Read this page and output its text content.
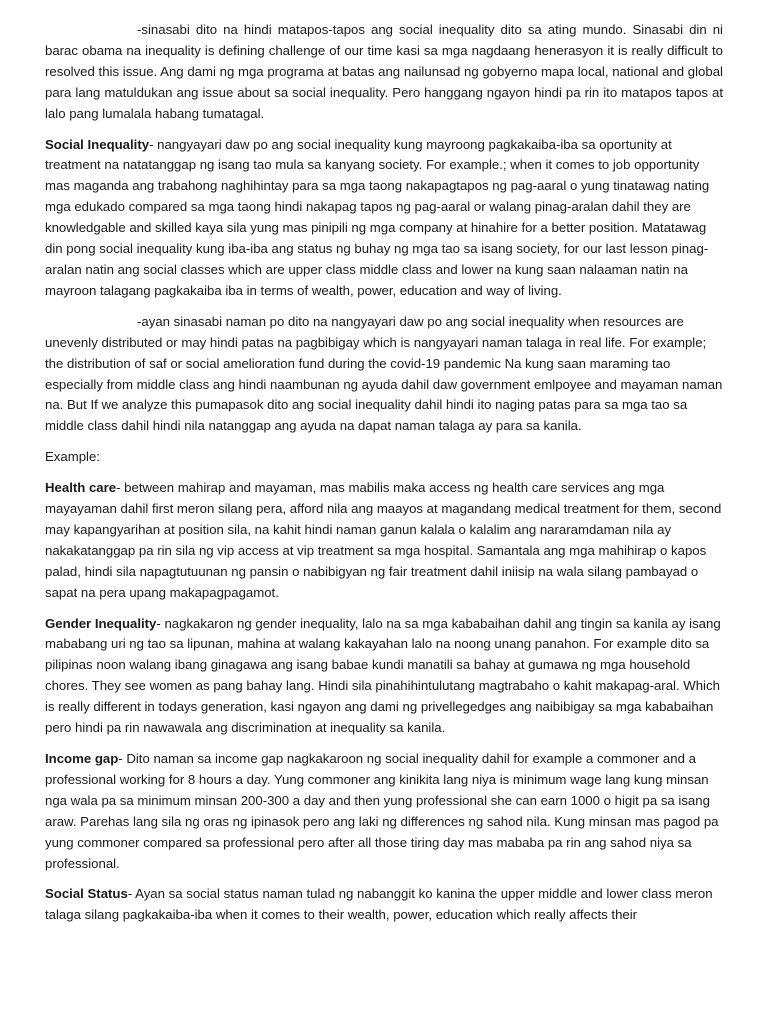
-sinasabi dito na hindi matapos-tapos ang social inequality dito sa ating mundo. Sinasabi din ni barac obama na inequality is defining challenge of our time kasi sa mga nagdaang henerasyon it is really difficult to resolved this issue. Ang dami ng mga programa at batas ang nailunsad ng gobyerno mapa local, national and global para lang matuldukan ang issue about sa social inequality. Pero hanggang ngayon hindi pa rin ito matapos tapos at lalo pang lumalala habang tumatagal.

Social Inequality- nangyayari daw po ang social inequality kung mayroong pagkakaiba-iba sa oportunity at treatment na natatanggap ng isang tao mula sa kanyang society. For example.; when it comes to job opportunity mas maganda ang trabahong naghihintay para sa mga taong nakapagtapos ng pag-aaral o yung tinatawag nating mga edukado compared sa mga taong hindi nakapag tapos ng pag-aaral or walang pinag-aralan dahil they are knowledgable and skilled kaya sila yung mas pinipili ng mga company at hinahire for a better position. Matatawag din pong social inequality kung iba-iba ang status ng buhay ng mga tao sa isang society, for our last lesson pinag-aralan natin ang social classes which are upper class middle class and lower na kung saan nalaaman natin na mayroon talagang pagkakaiba iba in terms of wealth, power, education and way of living.

-ayan sinasabi naman po dito na nangyayari daw po ang social inequality when resources are unevenly distributed or may hindi patas na pagbibigay which is nangyayari naman talaga in real life. For example; the distribution of saf or social amelioration fund during the covid-19 pandemic Na kung saan maraming tao especially from middle class ang hindi naambunan ng ayuda dahil daw government emlpoyee and mayaman naman na. But If we analyze this pumapasok dito ang social inequality dahil hindi ito naging patas para sa mga tao sa middle class dahil hindi nila natanggap ang ayuda na dapat naman talaga ay para sa kanila.

Example:

Health care- between mahirap and mayaman, mas mabilis maka access ng health care services ang mga mayayaman dahil first meron silang pera, afford nila ang maayos at magandang medical treatment for them, second may kapangyarihan at position sila, na kahit hindi naman ganun kalala o kalalim ang nararamdaman nila ay nakakatanggap pa rin sila ng vip access at vip treatment sa mga hospital. Samantala ang mga mahihirap o kapos palad, hindi sila napagtutuunan ng pansin o nabibigyan ng fair treatment dahil iniisip na wala silang pambayad o sapat na pera upang makapagpagamot.

Gender Inequality- nagkakaron ng gender inequality, lalo na sa mga kababaihan dahil ang tingin sa kanila ay isang mababang uri ng tao sa lipunan, mahina at walang kakayahan lalo na noong unang panahon. For example dito sa pilipinas noon walang ibang ginagawa ang isang babae kundi manatili sa bahay at gumawa ng mga household chores. They see women as pang bahay lang. Hindi sila pinahihintulutang magtrabaho o kahit makapag-aral. Which is really different in todays generation, kasi ngayon ang dami ng privellegedges ang naibibigay sa mga kababaihan pero hindi pa rin nawawala ang discrimination at inequality sa kanila.

Income gap- Dito naman sa income gap nagkakaroon ng social inequality dahil for example a commoner and a professional working for 8 hours a day. Yung commoner ang kinikita lang niya is minimum wage lang kung minsan nga wala pa sa minimum minsan 200-300 a day and then yung professional she can earn 1000 o higit pa sa isang araw. Parehas lang sila ng oras ng ipinasok pero ang laki ng differences ng sahod nila. Kung minsan mas pagod pa yung commoner compared sa professional pero after all those tiring day mas mababa pa rin ang sahod niya sa professional.

Social Status- Ayan sa social status naman tulad ng nabanggit ko kanina the upper middle and lower class meron talaga silang pagkakaiba-iba when it comes to their wealth, power, education which really affects their
